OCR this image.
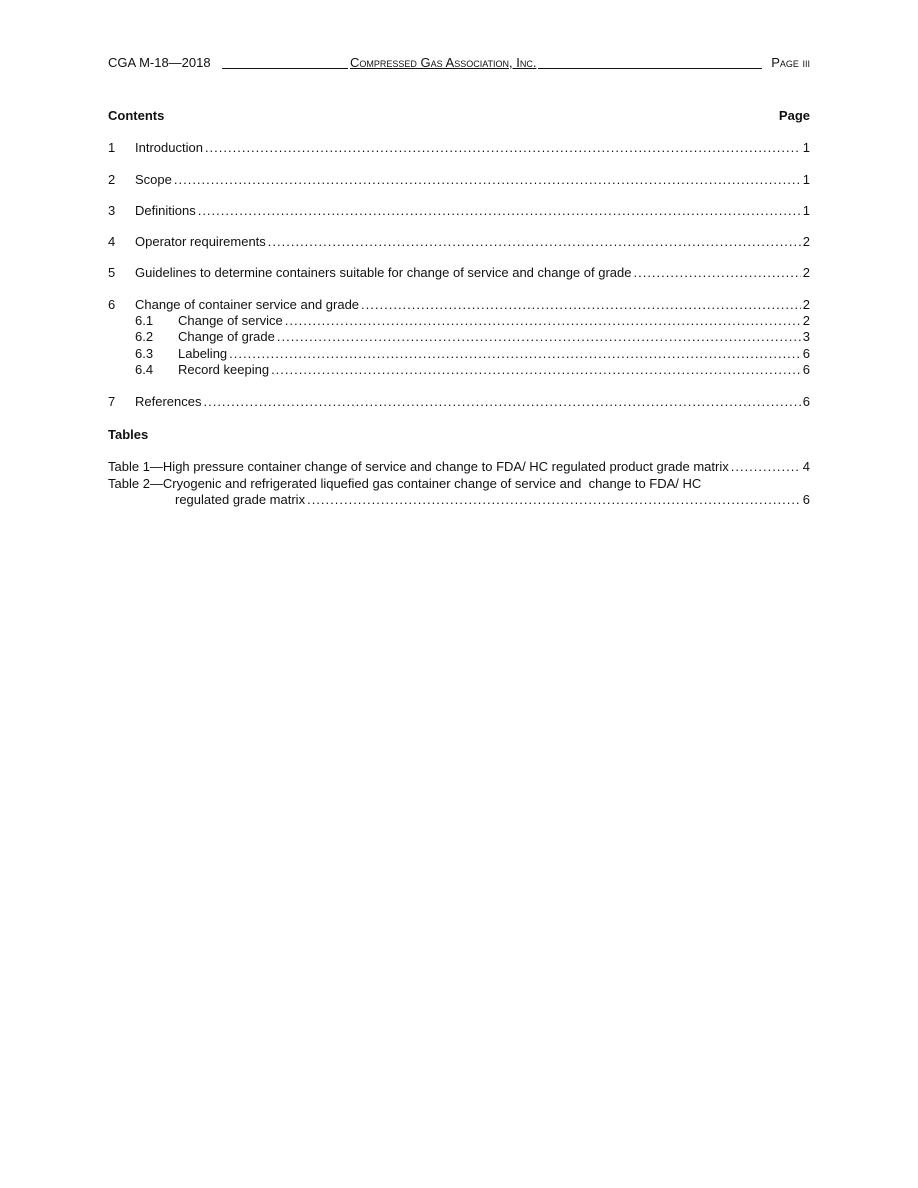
CGA M-18—2018	Compressed Gas Association, Inc.	Page iii
Contents	Page
1	Introduction .....	1
2	Scope .....	1
3	Definitions .....	1
4	Operator requirements .....	2
5	Guidelines to determine containers suitable for change of service and change of grade .....	2
6	Change of container service and grade .....	2
6.1	Change of service .....	2
6.2	Change of grade .....	3
6.3	Labeling .....	6
6.4	Record keeping .....	6
7	References .....	6
Tables
Table 1—High pressure container change of service and change to FDA/ HC regulated product grade matrix .....	4
Table 2—Cryogenic and refrigerated liquefied gas container change of service and  change to FDA/ HC
regulated grade matrix .....	6
